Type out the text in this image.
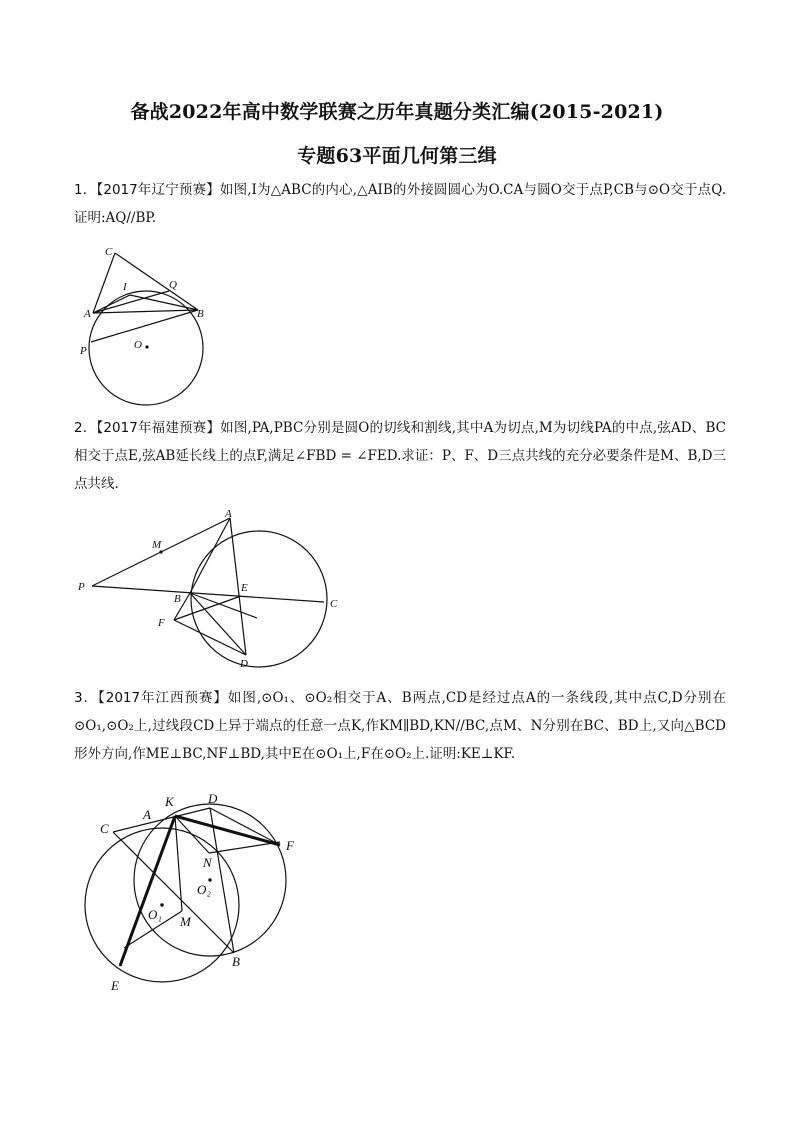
备战2022年高中数学联赛之历年真题分类汇编(2015-2021)
专题63平面几何第三缉
1．【2017年辽宁预赛】如图,I为△ABC的内心,△AIB的外接圆圆心为O.CA与圆O交于点P,CB与⊙O交于点Q.证明:AQ//BP.
C
I	Q
A	B
O
P
2．【2017年福建预赛】如图,PA,PBC分别是圆O的切线和割线,其中A为切点,M为切线PA的中点,弦AD、BC相交于点E,弦AB延长线上的点F,满足∠FBD = ∠FED.求证：P、F、D三点共线的充分必要条件是M、B,D三点共线.
A
M
P	E
B	C
F
D
3．【2017年江西预赛】如图,⊙O₁、⊙O₂相交于A、B两点,CD是经过点A的一条线段,其中点C,D分别在⊙O₁,⊙O₂上,过线段CD上异于端点的任意一点K,作KM∥BD,KN//BC,点M、N分别在BC、BD上,又向△BCD形外方向,作ME⊥BC,NF⊥BD,其中E在⊙O₁上,F在⊙O₂上.证明:KE⊥KF.
K	D
A
C
F
N
O₂
O₁ M
B
E
